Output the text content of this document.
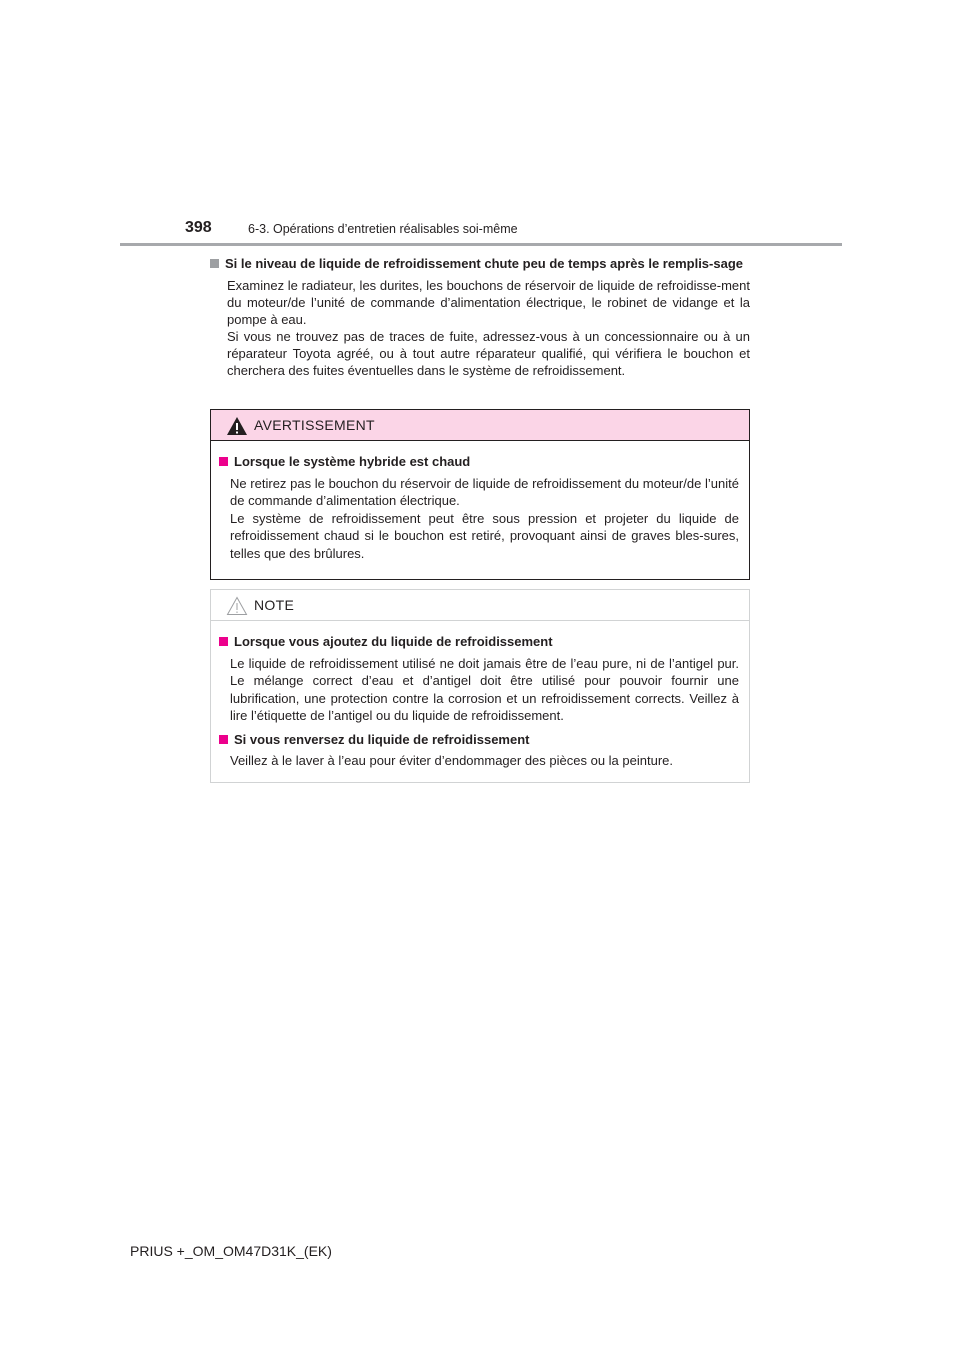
398	6-3. Opérations d’entretien réalisables soi-même
Si le niveau de liquide de refroidissement chute peu de temps après le remplis-sage
Examinez le radiateur, les durites, les bouchons de réservoir de liquide de refroidisse-ment du moteur/de l’unité de commande d’alimentation électrique, le robinet de vidange et la pompe à eau.
Si vous ne trouvez pas de traces de fuite, adressez-vous à un concessionnaire ou à un réparateur Toyota agréé, ou à tout autre réparateur qualifié, qui vérifiera le bouchon et cherchera des fuites éventuelles dans le système de refroidissement.
AVERTISSEMENT
Lorsque le système hybride est chaud
Ne retirez pas le bouchon du réservoir de liquide de refroidissement du moteur/de l’unité de commande d’alimentation électrique.
Le système de refroidissement peut être sous pression et projeter du liquide de refroidissement chaud si le bouchon est retiré, provoquant ainsi de graves bles-sures, telles que des brûlures.
NOTE
Lorsque vous ajoutez du liquide de refroidissement
Le liquide de refroidissement utilisé ne doit jamais être de l’eau pure, ni de l’antigel pur. Le mélange correct d’eau et d’antigel doit être utilisé pour pouvoir fournir une lubrification, une protection contre la corrosion et un refroidissement corrects. Veillez à lire l’étiquette de l’antigel ou du liquide de refroidissement.
Si vous renversez du liquide de refroidissement
Veillez à le laver à l’eau pour éviter d’endommager des pièces ou la peinture.
PRIUS +_OM_OM47D31K_(EK)
